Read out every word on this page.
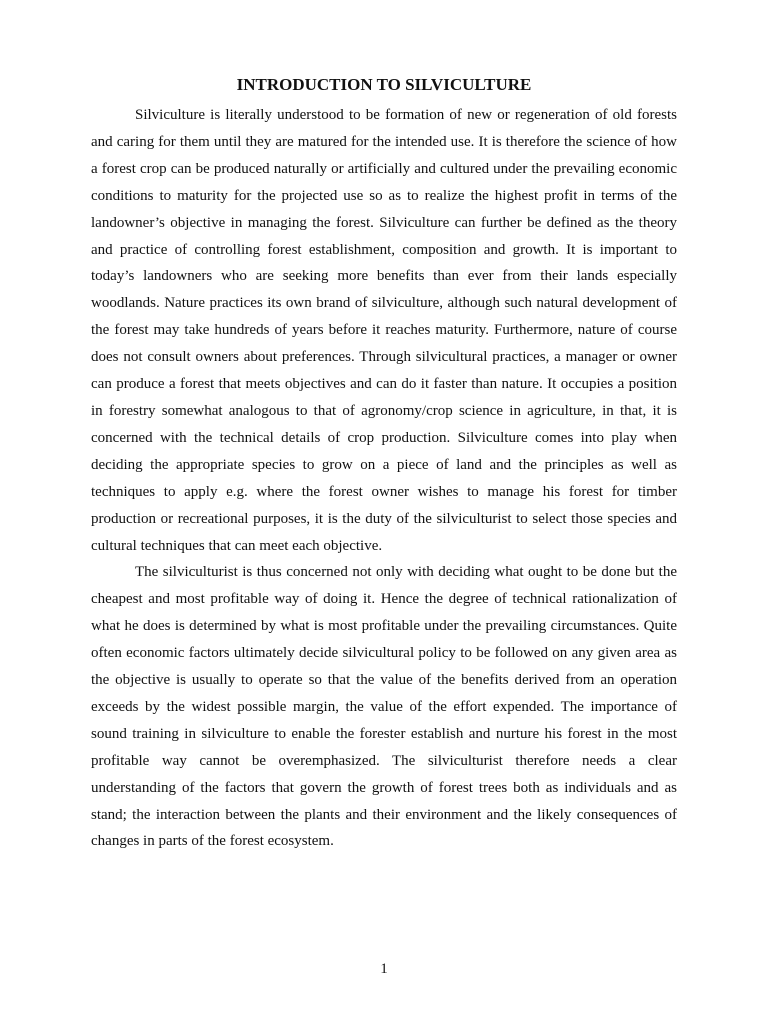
INTRODUCTION TO SILVICULTURE

Silviculture is literally understood to be formation of new or regeneration of old forests and caring for them until they are matured for the intended use. It is therefore the science of how a forest crop can be produced naturally or artificially and cultured under the prevailing economic conditions to maturity for the projected use so as to realize the highest profit in terms of the landowner’s objective in managing the forest. Silviculture can further be defined as the theory and practice of controlling forest establishment, composition and growth. It is important to today’s landowners who are seeking more benefits than ever from their lands especially woodlands. Nature practices its own brand of silviculture, although such natural development of the forest may take hundreds of years before it reaches maturity. Furthermore, nature of course does not consult owners about preferences. Through silvicultural practices, a manager or owner can produce a forest that meets objectives and can do it faster than nature. It occupies a position in forestry somewhat analogous to that of agronomy/crop science in agriculture, in that, it is concerned with the technical details of crop production. Silviculture comes into play when deciding the appropriate species to grow on a piece of land and the principles as well as techniques to apply e.g. where the forest owner wishes to manage his forest for timber production or recreational purposes, it is the duty of the silviculturist to select those species and cultural techniques that can meet each objective.

The silviculturist is thus concerned not only with deciding what ought to be done but the cheapest and most profitable way of doing it. Hence the degree of technical rationalization of what he does is determined by what is most profitable under the prevailing circumstances. Quite often economic factors ultimately decide silvicultural policy to be followed on any given area as the objective is usually to operate so that the value of the benefits derived from an operation exceeds by the widest possible margin, the value of the effort expended. The importance of sound training in silviculture to enable the forester establish and nurture his forest in the most profitable way cannot be overemphasized. The silviculturist therefore needs a clear understanding of the factors that govern the growth of forest trees both as individuals and as stand; the interaction between the plants and their environment and the likely consequences of changes in parts of the forest ecosystem.

1
